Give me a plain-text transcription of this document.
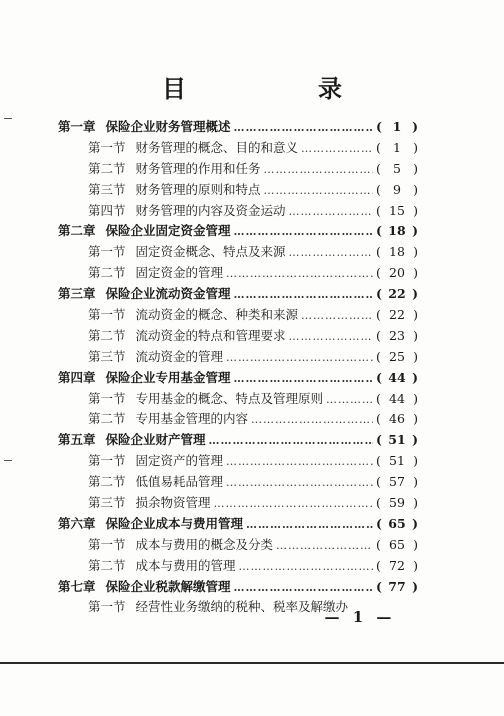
目　录
第一章 保险企业财务管理概述 ……………………………………………………………………………………………………	( 1 )
第一节 财务管理的概念、目的和意义 ……………………………………………………………………………………………………	( 1 )
第二节 财务管理的作用和任务 ……………………………………………………………………………………………………	( 5 )
第三节 财务管理的原则和特点 ……………………………………………………………………………………………………	( 9 )
第四节 财务管理的内容及资金运动 ……………………………………………………………………………………………………	( 15 )
第二章 保险企业固定资金管理 ……………………………………………………………………………………………………	( 18 )
第一节 固定资金概念、特点及来源 ……………………………………………………………………………………………………	( 18 )
第二节 固定资金的管理 ……………………………………………………………………………………………………	( 20 )
第三章 保险企业流动资金管理 ……………………………………………………………………………………………………	( 22 )
第一节 流动资金的概念、种类和来源 ……………………………………………………………………………………………………	( 22 )
第二节 流动资金的特点和管理要求 ……………………………………………………………………………………………………	( 23 )
第三节 流动资金的管理 ……………………………………………………………………………………………………	( 25 )
第四章 保险企业专用基金管理 ……………………………………………………………………………………………………	( 44 )
第一节 专用基金的概念、特点及管理原则 ……………………………………………………………………………………………………	( 44 )
第二节 专用基金管理的内容 ……………………………………………………………………………………………………	( 46 )
第五章 保险企业财产管理 ……………………………………………………………………………………………………	( 51 )
第一节 固定资产的管理 ……………………………………………………………………………………………………	( 51 )
第二节 低值易耗品管理 ……………………………………………………………………………………………………	( 57 )
第三节 损余物资管理 ……………………………………………………………………………………………………	( 59 )
第六章 保险企业成本与费用管理 ……………………………………………………………………………………………………	( 65 )
第一节 成本与费用的概念及分类 ……………………………………………………………………………………………………	( 65 )
第二节 成本与费用的管理 ……………………………………………………………………………………………………	( 72 )
第七章 保险企业税款解缴管理 ……………………………………………………………………………………………………	( 77 )
第一节 经营性业务缴纳的税种、税率及解缴办
— 1 —
